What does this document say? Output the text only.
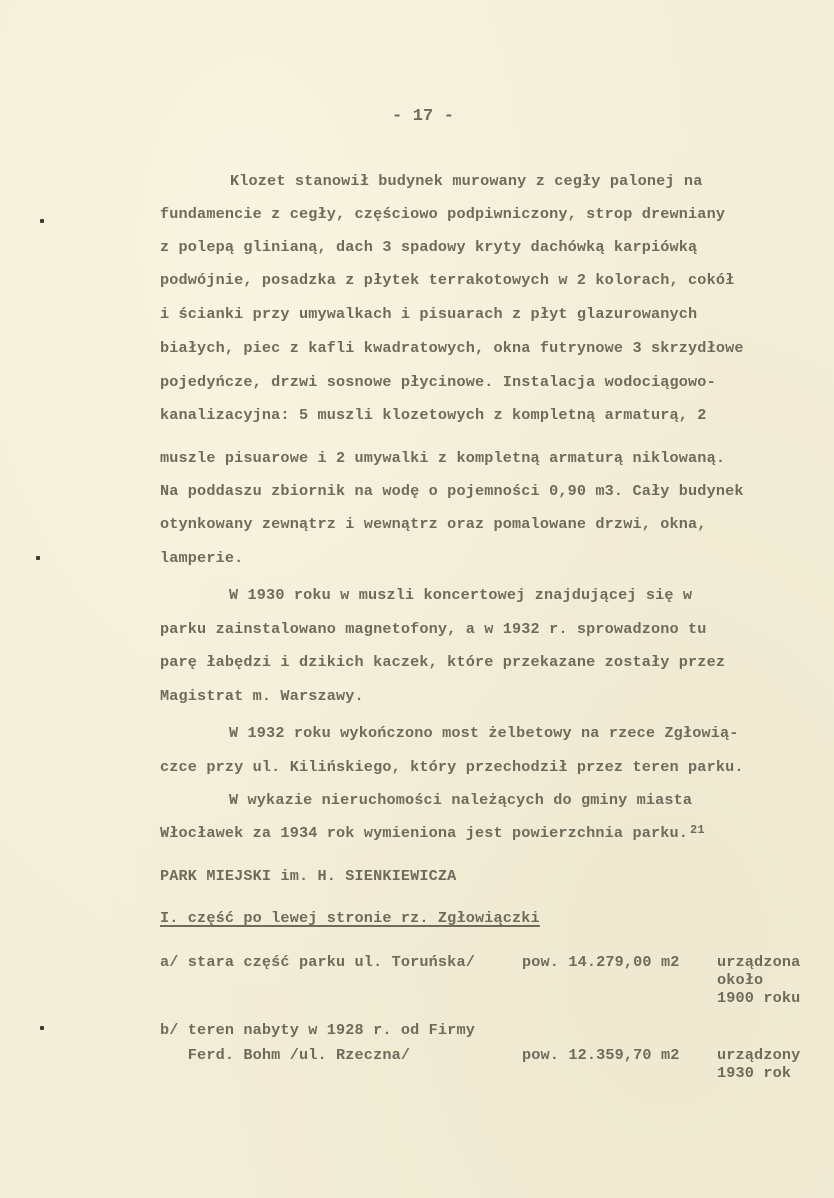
- 17 -
Klozet stanowił budynek murowany z cegły palonej na
fundamencie z cegły, częściowo podpiwniczony, strop drewniany
z polepą glinianą, dach 3 spadowy kryty dachówką karpiówką
podwójnie, posadzka z płytek terrakotowych w 2 kolorach, cokół
i ścianki przy umywalkach i pisuarach z płyt glazurowanych
białych, piec z kafli kwadratowych, okna futrynowe 3 skrzydłowe
pojedyńcze, drzwi sosnowe płycinowe. Instalacja wodociągowo-
kanalizacyjna: 5 muszli klozetowych z kompletną armaturą, 2
muszle pisuarowe i 2 umywalki z kompletną armaturą niklowaną.
Na poddaszu zbiornik na wodę o pojemności 0,90 m3. Cały budynek
otynkowany zewnątrz i wewnątrz oraz pomalowane drzwi, okna,
lamperie.
W 1930 roku w muszli koncertowej znajdującej się w
parku zainstalowano magnetofony, a w 1932 r. sprowadzono tu
parę łabędzi i dzikich kaczek, które przekazane zostały przez
Magistrat m. Warszawy.
W 1932 roku wykończono most żelbetowy na rzece Zgłowią-
czce przy ul. Kilińskiego, który przechodził przez teren parku.
W wykazie nieruchomości należących do gminy miasta
Włocławek za 1934 rok wymieniona jest powierzchnia parku. $^{21}$
PARK MIEJSKI im. H. SIENKIEWICZA
I. część po lewej stronie rz. Zgłowiączki
a/ stara część parku ul. Toruńska/	pow. 14.279,00 m2 urządzona
około
1900 roku
b/ teren nabyty w 1928 r. od Firmy
Ferd. Bohm /ul. Rzeczna/	pow. 12.359,70 m2 urządzony
1930 rok
